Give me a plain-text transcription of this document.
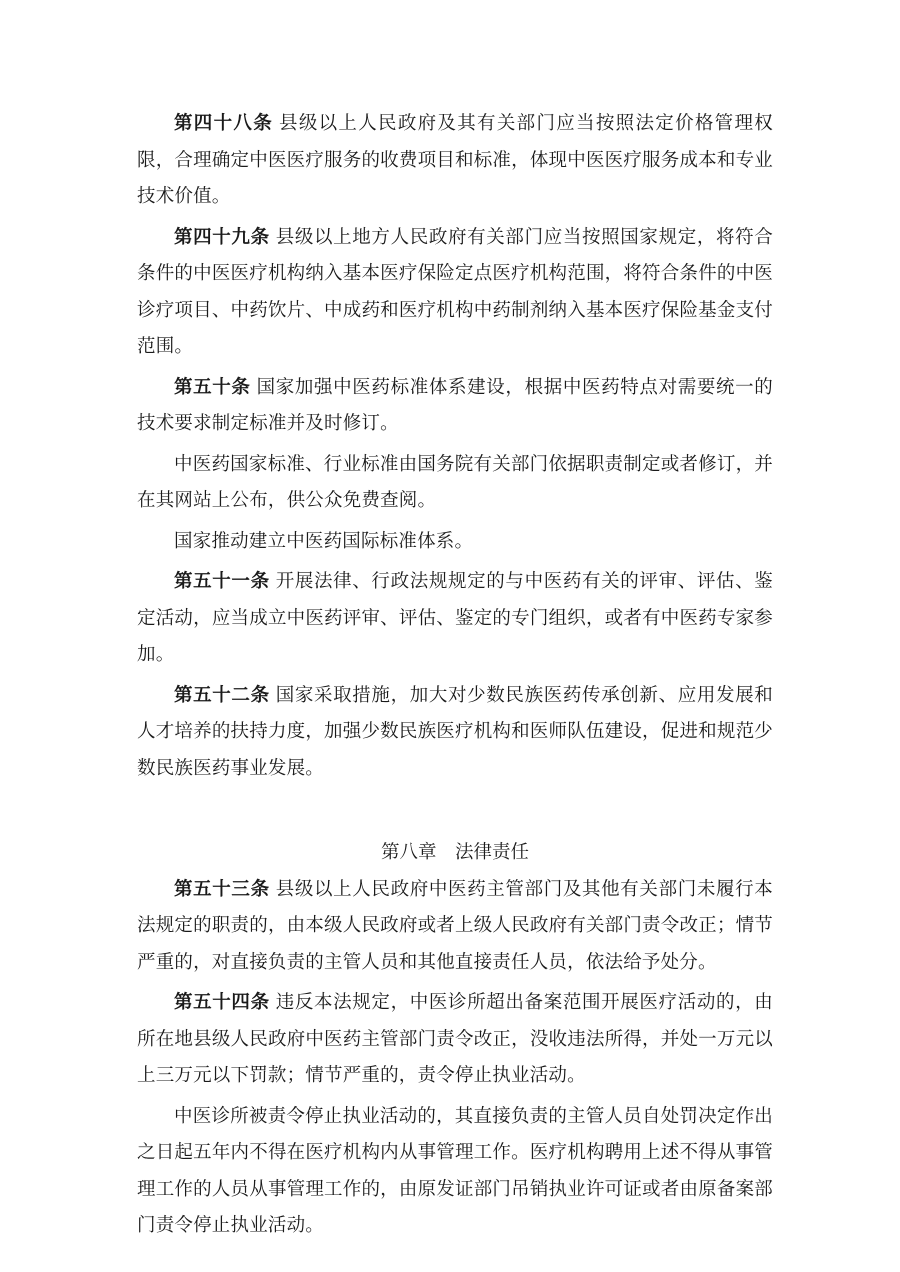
第四十八条 县级以上人民政府及其有关部门应当按照法定价格管理权限，合理确定中医医疗服务的收费项目和标准，体现中医医疗服务成本和专业技术价值。

第四十九条 县级以上地方人民政府有关部门应当按照国家规定，将符合条件的中医医疗机构纳入基本医疗保险定点医疗机构范围，将符合条件的中医诊疗项目、中药饮片、中成药和医疗机构中药制剂纳入基本医疗保险基金支付范围。

第五十条 国家加强中医药标准体系建设，根据中医药特点对需要统一的技术要求制定标准并及时修订。

中医药国家标准、行业标准由国务院有关部门依据职责制定或者修订，并在其网站上公布，供公众免费查阅。

国家推动建立中医药国际标准体系。

第五十一条 开展法律、行政法规规定的与中医药有关的评审、评估、鉴定活动，应当成立中医药评审、评估、鉴定的专门组织，或者有中医药专家参加。

第五十二条 国家采取措施，加大对少数民族医药传承创新、应用发展和人才培养的扶持力度，加强少数民族医疗机构和医师队伍建设，促进和规范少数民族医药事业发展。

第八章　法律责任

第五十三条 县级以上人民政府中医药主管部门及其他有关部门未履行本法规定的职责的，由本级人民政府或者上级人民政府有关部门责令改正；情节严重的，对直接负责的主管人员和其他直接责任人员，依法给予处分。

第五十四条 违反本法规定，中医诊所超出备案范围开展医疗活动的，由所在地县级人民政府中医药主管部门责令改正，没收违法所得，并处一万元以上三万元以下罚款；情节严重的，责令停止执业活动。

中医诊所被责令停止执业活动的，其直接负责的主管人员自处罚决定作出之日起五年内不得在医疗机构内从事管理工作。医疗机构聘用上述不得从事管理工作的人员从事管理工作的，由原发证部门吊销执业许可证或者由原备案部门责令停止执业活动。
